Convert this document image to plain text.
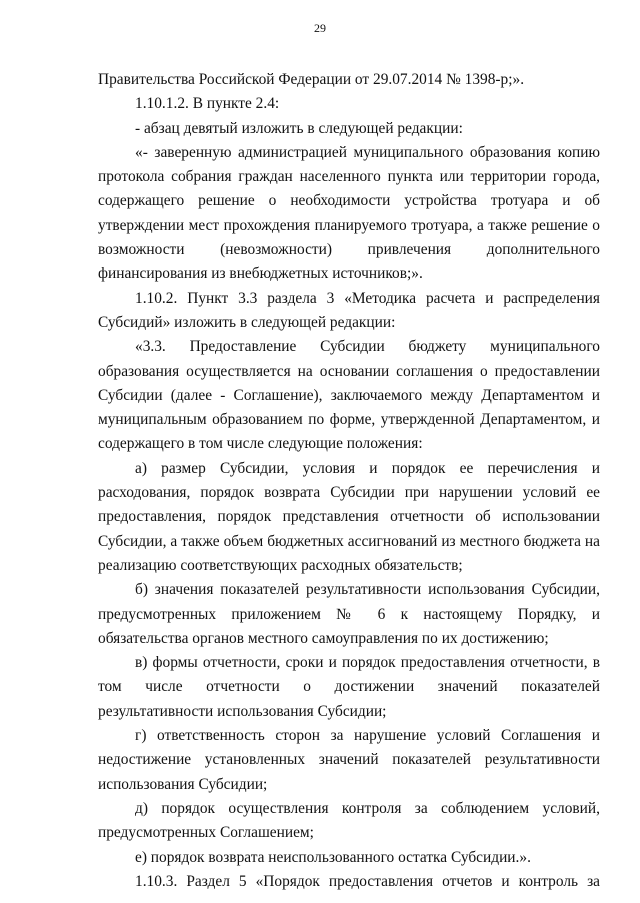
29

Правительства Российской Федерации от 29.07.2014 № 1398-р;».

1.10.1.2. В пункте 2.4:

- абзац девятый изложить в следующей редакции:

«- заверенную администрацией муниципального образования копию протокола собрания граждан населенного пункта или территории города, содержащего решение о необходимости устройства тротуара и об утверждении мест прохождения планируемого тротуара, а также решение о возможности (невозможности) привлечения дополнительного финансирования из внебюджетных источников;».

1.10.2. Пункт 3.3 раздела 3 «Методика расчета и распределения Субсидий» изложить в следующей редакции:

«3.3. Предоставление Субсидии бюджету муниципального образования осуществляется на основании соглашения о предоставлении Субсидии (далее - Соглашение), заключаемого между Департаментом и муниципальным образованием по форме, утвержденной Департаментом, и содержащего в том числе следующие положения:

а) размер Субсидии, условия и порядок ее перечисления и расходования, порядок возврата Субсидии при нарушении условий ее предоставления, порядок представления отчетности об использовании Субсидии, а также объем бюджетных ассигнований из местного бюджета на реализацию соответствующих расходных обязательств;

б) значения показателей результативности использования Субсидии, предусмотренных приложением № 6 к настоящему Порядку, и обязательства органов местного самоуправления по их достижению;

в) формы отчетности, сроки и порядок предоставления отчетности, в том числе отчетности о достижении значений показателей результативности использования Субсидии;

г) ответственность сторон за нарушение условий Соглашения и недостижение установленных значений показателей результативности использования Субсидии;

д) порядок осуществления контроля за соблюдением условий, предусмотренных Соглашением;

е) порядок возврата неиспользованного остатка Субсидии.».

1.10.3. Раздел 5 «Порядок предоставления отчетов и контроль за
